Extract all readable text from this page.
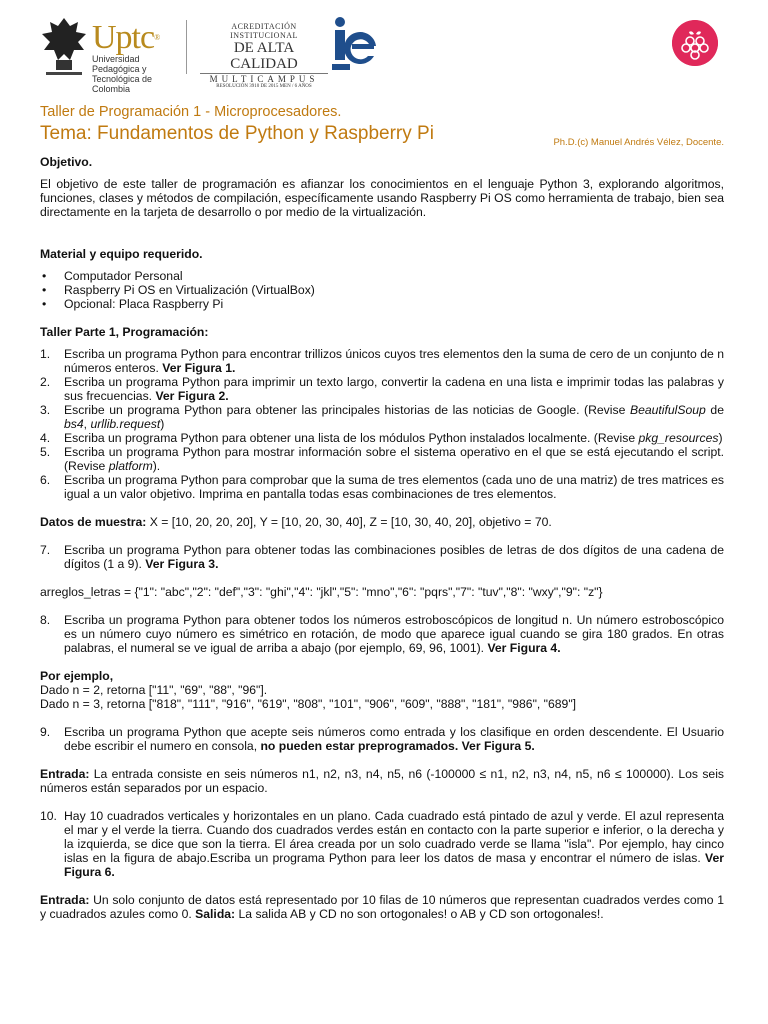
Uptc®
Universidad Pedagógica y Tecnológica de Colombia
ACREDITACIÓN INSTITUCIONAL
DE ALTA CALIDAD
MULTICAMPUS
RESOLUCIÓN 3910 DE 2015 MEN / 6 AÑOS
Taller de Programación 1 - Microprocesadores.
Tema: Fundamentos de Python y Raspberry Pi	Ph.D.(c) Manuel Andrés Vélez, Docente.
Objetivo.

El objetivo de este taller de programación es afianzar los conocimientos en el lenguaje Python 3, explorando algoritmos, funciones, clases y métodos de compilación, específicamente usando Raspberry Pi OS como herramienta de trabajo, bien sea directamente en la tarjeta de desarrollo o por medio de la virtualización.

Material y equipo requerido.
• Computador Personal
• Raspberry Pi OS en Virtualización (VirtualBox)
• Opcional: Placa Raspberry Pi
Taller Parte 1, Programación:
1. Escriba un programa Python para encontrar trillizos únicos cuyos tres elementos den la suma de cero de un conjunto de n números enteros. Ver Figura 1.
2. Escriba un programa Python para imprimir un texto largo, convertir la cadena en una lista e imprimir todas las palabras y sus frecuencias. Ver Figura 2.
3. Escribe un programa Python para obtener las principales historias de las noticias de Google. (Revise BeautifulSoup de bs4, urllib.request)
4. Escriba un programa Python para obtener una lista de los módulos Python instalados localmente. (Revise pkg_resources)
5. Escriba un programa Python para mostrar información sobre el sistema operativo en el que se está ejecutando el script. (Revise platform).
6. Escriba un programa Python para comprobar que la suma de tres elementos (cada uno de una matriz) de tres matrices es igual a un valor objetivo. Imprima en pantalla todas esas combinaciones de tres elementos.

Datos de muestra: X = [10, 20, 20, 20], Y = [10, 20, 30, 40], Z = [10, 30, 40, 20], objetivo = 70.

7. Escriba un programa Python para obtener todas las combinaciones posibles de letras de dos dígitos de una cadena de dígitos (1 a 9). Ver Figura 3.

arreglos_letras = {"1": "abc","2": "def","3": "ghi","4": "jkl","5": "mno","6": "pqrs","7": "tuv","8": "wxy","9": "z"}

8. Escriba un programa Python para obtener todos los números estroboscópicos de longitud n. Un número estroboscópico es un número cuyo número es simétrico en rotación, de modo que aparece igual cuando se gira 180 grados. En otras palabras, el numeral se ve igual de arriba a abajo (por ejemplo, 69, 96, 1001). Ver Figura 4.
Por ejemplo,
Dado n = 2, retorna ["11", "69", "88", "96"].
Dado n = 3, retorna ["818", "111", "916", "619", "808", "101", "906", "609", "888", "181", "986", "689"]
9. Escriba un programa Python que acepte seis números como entrada y los clasifique en orden descendente. El Usuario debe escribir el numero en consola, no pueden estar preprogramados. Ver Figura 5.

Entrada: La entrada consiste en seis números n1, n2, n3, n4, n5, n6 (-100000 ≤ n1, n2, n3, n4, n5, n6 ≤ 100000). Los seis números están separados por un espacio.

10. Hay 10 cuadrados verticales y horizontales en un plano. Cada cuadrado está pintado de azul y verde. El azul representa el mar y el verde la tierra. Cuando dos cuadrados verdes están en contacto con la parte superior e inferior, o la derecha y la izquierda, se dice que son la tierra. El área creada por un solo cuadrado verde se llama "isla". Por ejemplo, hay cinco islas en la figura de abajo.Escriba un programa Python para leer los datos de masa y encontrar el número de islas. Ver Figura 6.

Entrada: Un solo conjunto de datos está representado por 10 filas de 10 números que representan cuadrados verdes como 1 y cuadrados azules como 0. Salida: La salida AB y CD no son ortogonales! o AB y CD son ortogonales!.
